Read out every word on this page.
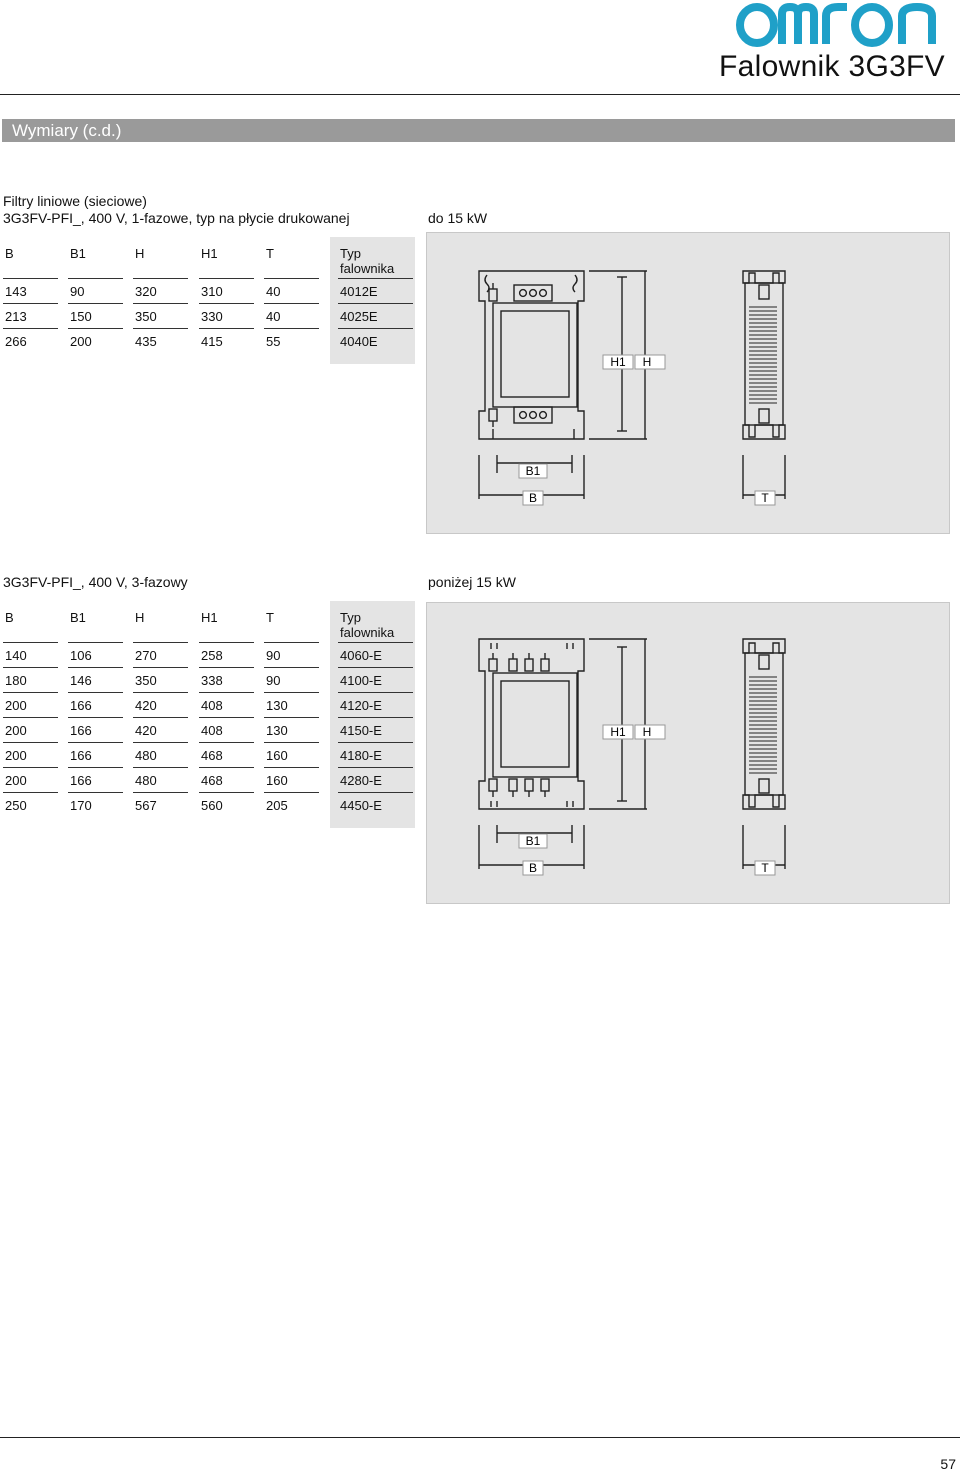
OMRON
Falownik 3G3FV
Wymiary (c.d.)
Filtry liniowe (sieciowe)
3G3FV-PFI_, 400 V, 1-fazowe, typ na płycie drukowanej	do 15 kW
B	B1	H	H1	T	Typ
falownika
143	90	320	310	40	4012E
213	150	350	330	40	4025E
266	200	435	415	55	4040E
H1 H
B1
B	T
3G3FV-PFI_, 400 V, 3-fazowy	poniżej 15 kW
B	B1	H	H1	T	Typ
falownika
140	106	270	258	90	4060-E
180	146	350	338	90	4100-E
200	166	420	408	130	4120-E
200	166	420	408	130	4150-E
200	166	480	468	160	4180-E
200	166	480	468	160	4280-E
250	170	567	560	205	4450-E
H1 H
B1
B	T
57
